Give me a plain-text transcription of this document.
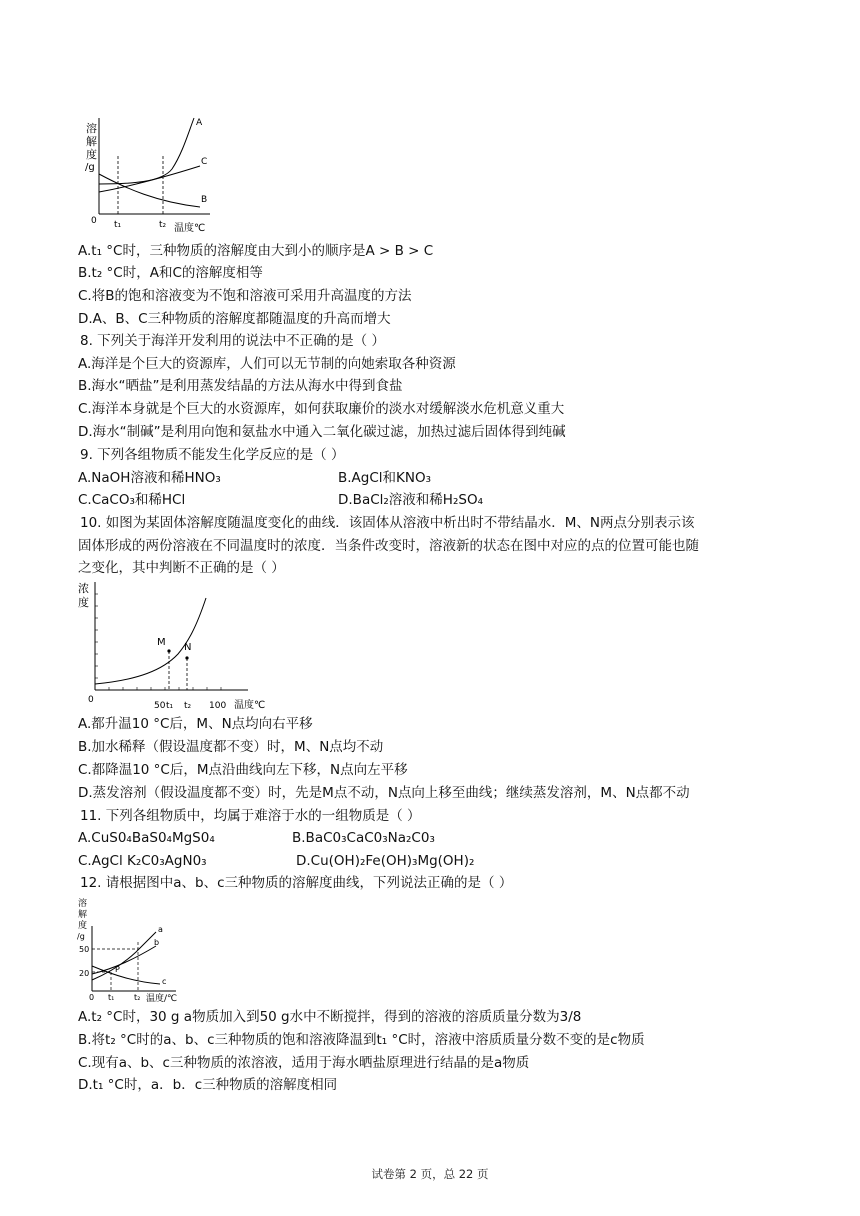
溶
解
度
/g
0
A
C
B
t₁	t₂ 温度℃
A.t₁ °C时，三种物质的溶解度由大到小的顺序是A > B > C
B.t₂ °C时，A和C的溶解度相等
C.将B的饱和溶液变为不饱和溶液可采用升高温度的方法
D.A、B、C三种物质的溶解度都随温度的升高而增大
8. 下列关于海洋开发利用的说法中不正确的是（ ）
A.海洋是个巨大的资源库，人们可以无节制的向她索取各种资源
B.海水“晒盐”是利用蒸发结晶的方法从海水中得到食盐
C.海洋本身就是个巨大的水资源库，如何获取廉价的淡水对缓解淡水危机意义重大
D.海水“制碱”是利用向饱和氨盐水中通入二氧化碳过滤，加热过滤后固体得到纯碱
9. 下列各组物质不能发生化学反应的是（ ）
A.NaOH溶液和稀HNO₃	B.AgCl和KNO₃
C.CaCO₃和稀HCl	D.BaCl₂溶液和稀H₂SO₄
10. 如图为某固体溶解度随温度变化的曲线．该固体从溶液中析出时不带结晶水．M、N两点分别表示该
固体形成的两份溶液在不同温度时的浓度．当条件改变时，溶液新的状态在图中对应的点的位置可能也随
之变化，其中判断不正确的是（ ）
浓
度
M N
0
50 t₁ t₂ 100 温度℃
A.都升温10 °C后，M、N点均向右平移
B.加水稀释（假设温度都不变）时，M、N点均不动
C.都降温10 °C后，M点沿曲线向左下移，N点向左平移
D.蒸发溶剂（假设温度都不变）时，先是M点不动，N点向上移至曲线；继续蒸发溶剂，M、N点都不动
11. 下列各组物质中，均属于难溶于水的一组物质是（ ）
A.CuS0₄BaS0₄MgS0₄	B.BaC0₃CaC0₃Na₂C0₃
C.AgCl K₂C0₃AgN0₃	D.Cu(OH)₂Fe(OH)₃Mg(OH)₂
12. 请根据图中a、b、c三种物质的溶解度曲线，下列说法正确的是（ ）
溶
解
度
/g
a
b
c
P
50
20
0 t₁ t₂ 温度/℃
A.t₂ °C时，30 g a物质加入到50 g水中不断搅拌，得到的溶液的溶质质量分数为3/8
B.将t₂ °C时的a、b、c三种物质的饱和溶液降温到t₁ °C时，溶液中溶质质量分数不变的是c物质
C.现有a、b、c三种物质的浓溶液，适用于海水晒盐原理进行结晶的是a物质
D.t₁ °C时，a．b．c三种物质的溶解度相同
试卷第 2 页，总 22 页
